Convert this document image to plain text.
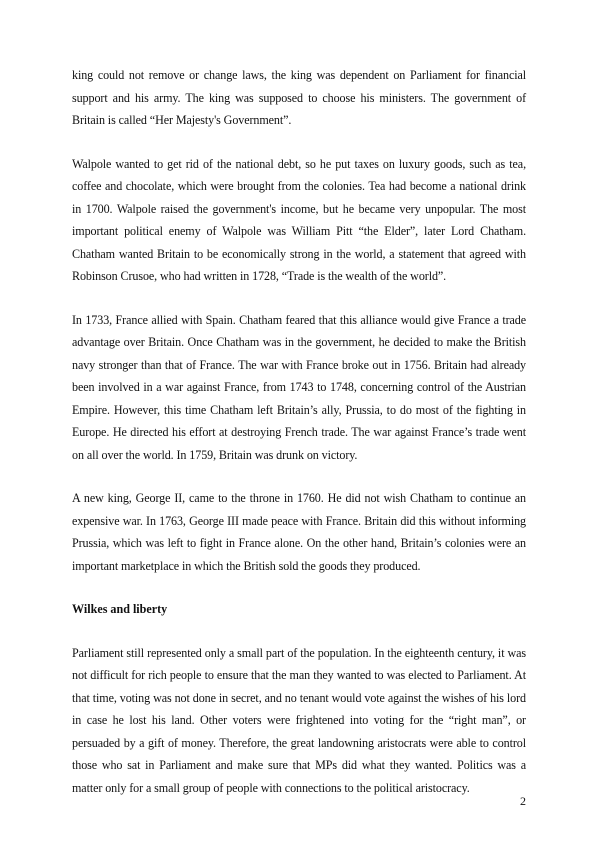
king could not remove or change laws, the king was dependent on Parliament for financial support and his army. The king was supposed to choose his ministers. The government of Britain is called “Her Majesty's Government”.

Walpole wanted to get rid of the national debt, so he put taxes on luxury goods, such as tea, coffee and chocolate, which were brought from the colonies. Tea had become a national drink in 1700. Walpole raised the government's income, but he became very unpopular. The most important political enemy of Walpole was William Pitt “the Elder”, later Lord Chatham. Chatham wanted Britain to be economically strong in the world, a statement that agreed with Robinson Crusoe, who had written in 1728, “Trade is the wealth of the world”.

In 1733, France allied with Spain. Chatham feared that this alliance would give France a trade advantage over Britain. Once Chatham was in the government, he decided to make the British navy stronger than that of France. The war with France broke out in 1756. Britain had already been involved in a war against France, from 1743 to 1748, concerning control of the Austrian Empire. However, this time Chatham left Britain’s ally, Prussia, to do most of the fighting in Europe. He directed his effort at destroying French trade. The war against France’s trade went on all over the world. In 1759, Britain was drunk on victory.

A new king, George II, came to the throne in 1760. He did not wish Chatham to continue an expensive war. In 1763, George III made peace with France. Britain did this without informing Prussia, which was left to fight in France alone. On the other hand, Britain’s colonies were an important marketplace in which the British sold the goods they produced.

Wilkes and liberty

Parliament still represented only a small part of the population. In the eighteenth century, it was not difficult for rich people to ensure that the man they wanted to was elected to Parliament. At that time, voting was not done in secret, and no tenant would vote against the wishes of his lord in case he lost his land. Other voters were frightened into voting for the “right man”, or persuaded by a gift of money. Therefore, the great landowning aristocrats were able to control those who sat in Parliament and make sure that MPs did what they wanted. Politics was a matter only for a small group of people with connections to the political aristocracy.

2
